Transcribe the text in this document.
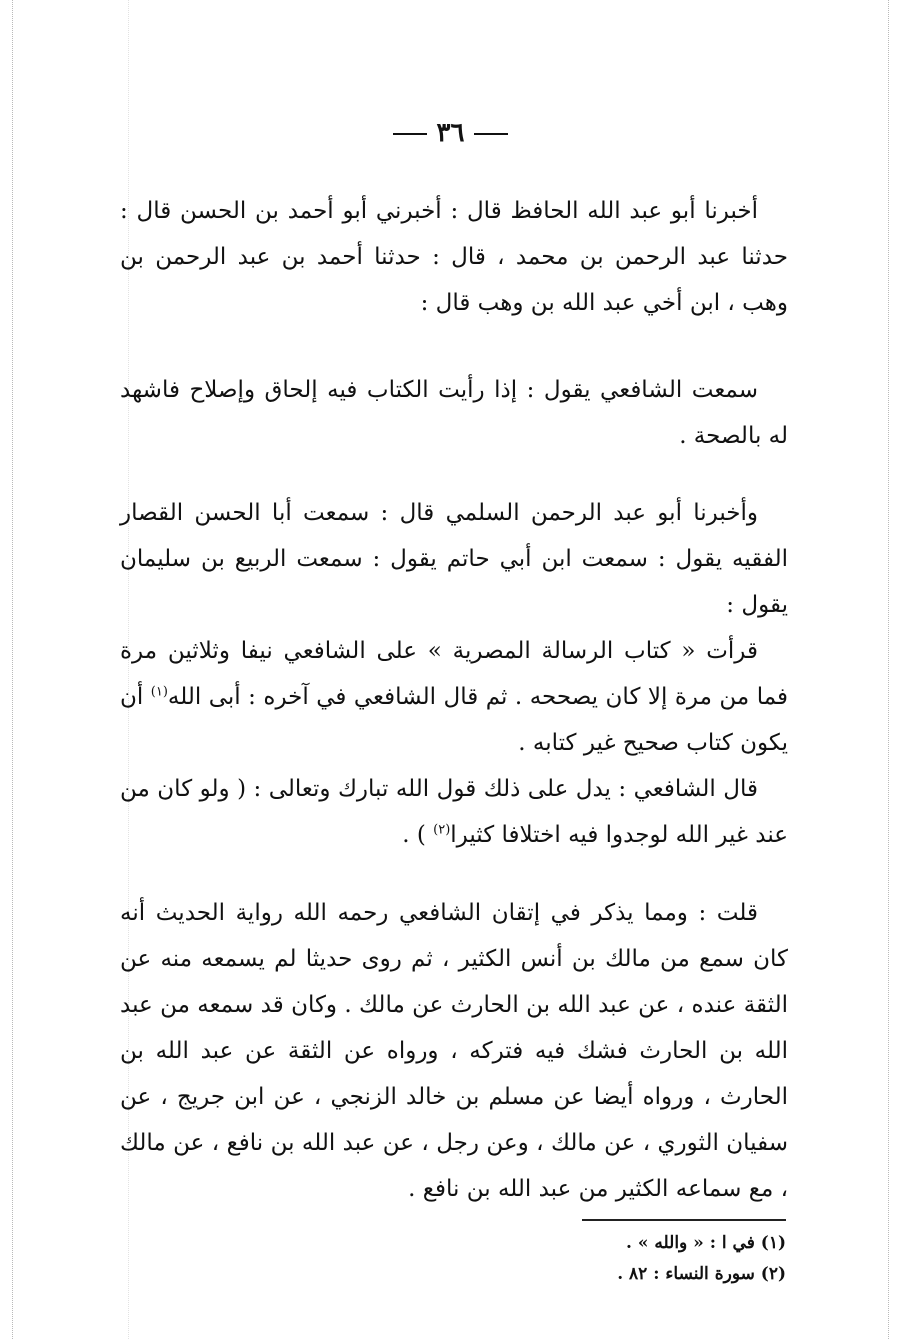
٣٦

أخبرنا أبو عبد الله الحافظ قال : أخبرني أبو أحمد بن الحسن قال : حدثنا عبد الرحمن بن محمد ، قال : حدثنا أحمد بن عبد الرحمن بن وهب ، ابن أخي عبد الله بن وهب قال :

سمعت الشافعي يقول : إذا رأيت الكتاب فيه إلحاق وإصلاح فاشهد له بالصحة .

وأخبرنا أبو عبد الرحمن السلمي قال : سمعت أبا الحسن القصار الفقيه يقول : سمعت ابن أبي حاتم يقول : سمعت الربيع بن سليمان يقول :

قرأت « كتاب الرسالة المصرية » على الشافعي نيفا وثلاثين مرة فما من مرة إلا كان يصححه . ثم قال الشافعي في آخره : أبى الله$^{(١)}$ أن يكون كتاب صحيح غير كتابه .

قال الشافعي : يدل على ذلك قول الله تبارك وتعالى : ( ولو كان من عند غير الله لوجدوا فيه اختلافا كثيرا$^{(٢)}$ ) .

قلت : ومما يذكر في إتقان الشافعي رحمه الله رواية الحديث أنه كان سمع من مالك بن أنس الكثير ، ثم روى حديثا لم يسمعه منه عن الثقة عنده ، عن عبد الله بن الحارث عن مالك . وكان قد سمعه من عبد الله بن الحارث فشك فيه فتركه ، ورواه عن الثقة عن عبد الله بن الحارث ، ورواه أيضا عن مسلم بن خالد الزنجي ، عن ابن جريج ، عن سفيان الثوري ، عن مالك ، وعن رجل ، عن عبد الله بن نافع ، عن مالك ، مع سماعه الكثير من عبد الله بن نافع .

(١) في ا : « والله » .
(٢) سورة النساء : ٨٢ .
